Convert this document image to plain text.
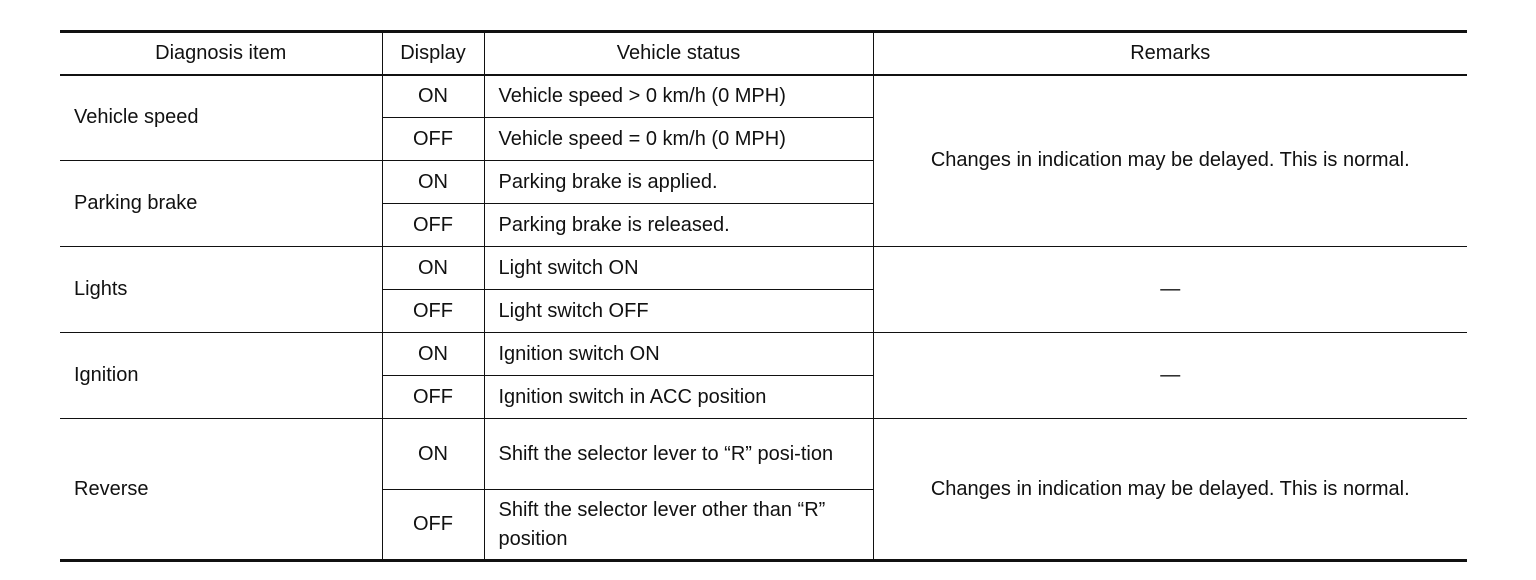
Diagnosis item	Display	Vehicle status	Remarks
Vehicle speed	ON	Vehicle speed > 0 km/h (0 MPH)	Changes in indication may be delayed. This is normal.
	OFF	Vehicle speed = 0 km/h (0 MPH)	
Parking brake	ON	Parking brake is applied.	
	OFF	Parking brake is released.	
Lights	ON	Light switch ON	—
	OFF	Light switch OFF	
Ignition	ON	Ignition switch ON	—
	OFF	Ignition switch in ACC position	
Reverse	ON	Shift the selector lever to “R” posi-tion	Changes in indication may be delayed. This is normal.
	OFF	Shift the selector lever other than “R” position	
